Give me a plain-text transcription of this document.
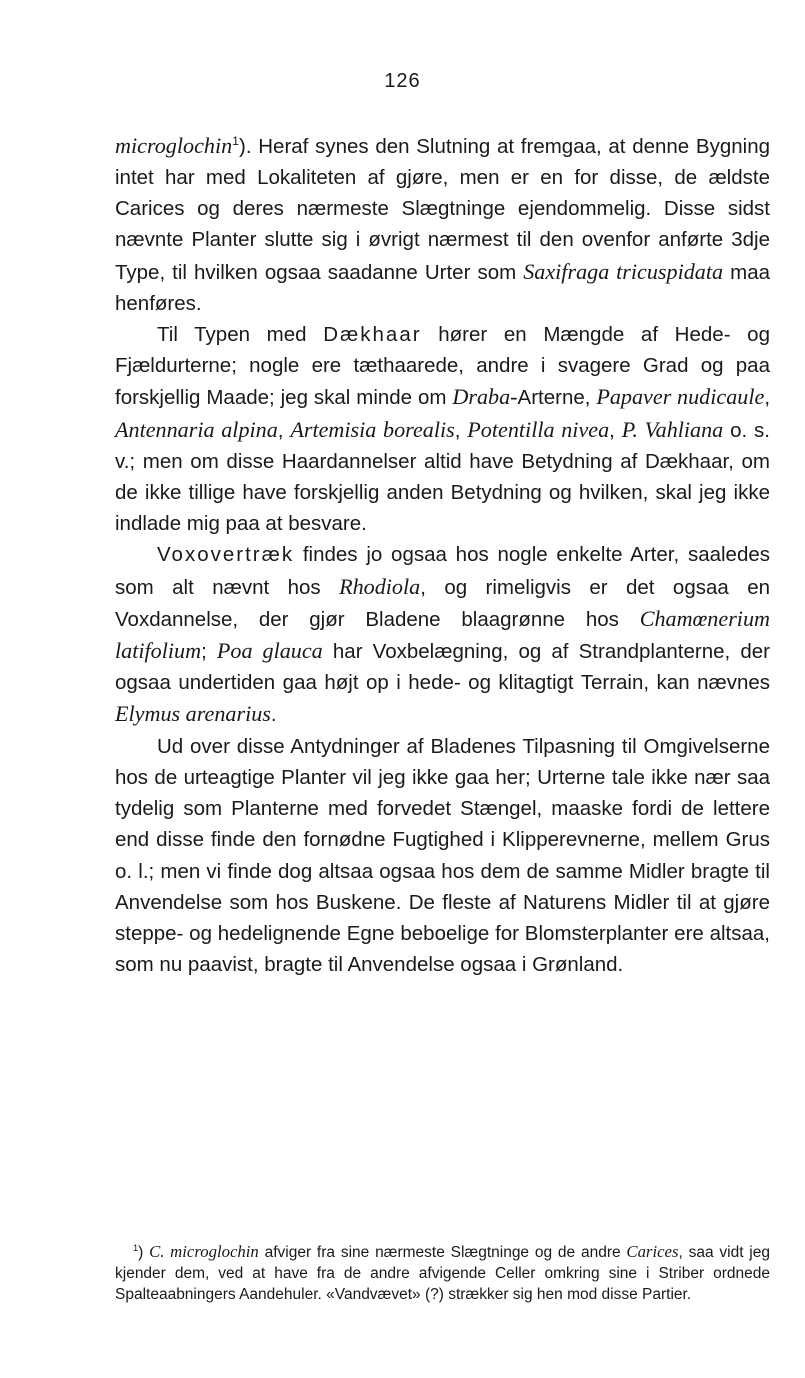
126

microglochin$^1$). Heraf synes den Slutning at fremgaa, at denne Bygning intet har med Lokaliteten af gjøre, men er en for disse, de ældste Carices og deres nærmeste Slægtninge ejendommelig. Disse sidst nævnte Planter slutte sig i øvrigt nærmest til den ovenfor anførte 3dje Type, til hvilken ogsaa saadanne Urter som Saxifraga tricuspidata maa henføres.

Til Typen med Dækhaar hører en Mængde af Hede- og Fjældurterne; nogle ere tæthaarede, andre i svagere Grad og paa forskjellig Maade; jeg skal minde om Draba-Arterne, Papaver nudicaule, Antennaria alpina, Artemisia borealis, Potentilla nivea, P. Vahliana o. s. v.; men om disse Haardannelser altid have Betydning af Dækhaar, om de ikke tillige have forskjellig anden Betydning og hvilken, skal jeg ikke indlade mig paa at besvare.

Voxovertræk findes jo ogsaa hos nogle enkelte Arter, saaledes som alt nævnt hos Rhodiola, og rimeligvis er det ogsaa en Voxdannelse, der gjør Bladene blaagrønne hos Chamœnerium latifolium; Poa glauca har Voxbelægning, og af Strandplanterne, der ogsaa undertiden gaa højt op i hede- og klitagtigt Terrain, kan nævnes Elymus arenarius.

Ud over disse Antydninger af Bladenes Tilpasning til Omgivelserne hos de urteagtige Planter vil jeg ikke gaa her; Urterne tale ikke nær saa tydelig som Planterne med forvedet Stængel, maaske fordi de lettere end disse finde den fornødne Fugtighed i Klipperevnerne, mellem Grus o. l.; men vi finde dog altsaa ogsaa hos dem de samme Midler bragte til Anvendelse som hos Buskene. De fleste af Naturens Midler til at gjøre steppe- og hedelignende Egne beboelige for Blomsterplanter ere altsaa, som nu paavist, bragte til Anvendelse ogsaa i Grønland.

$^1$) C. microglochin afviger fra sine nærmeste Slægtninge og de andre Carices, saa vidt jeg kjender dem, ved at have fra de andre afvigende Celler omkring sine i Striber ordnede Spalteaabningers Aandehuler. «Vandvævet» (?) strækker sig hen mod disse Partier.
